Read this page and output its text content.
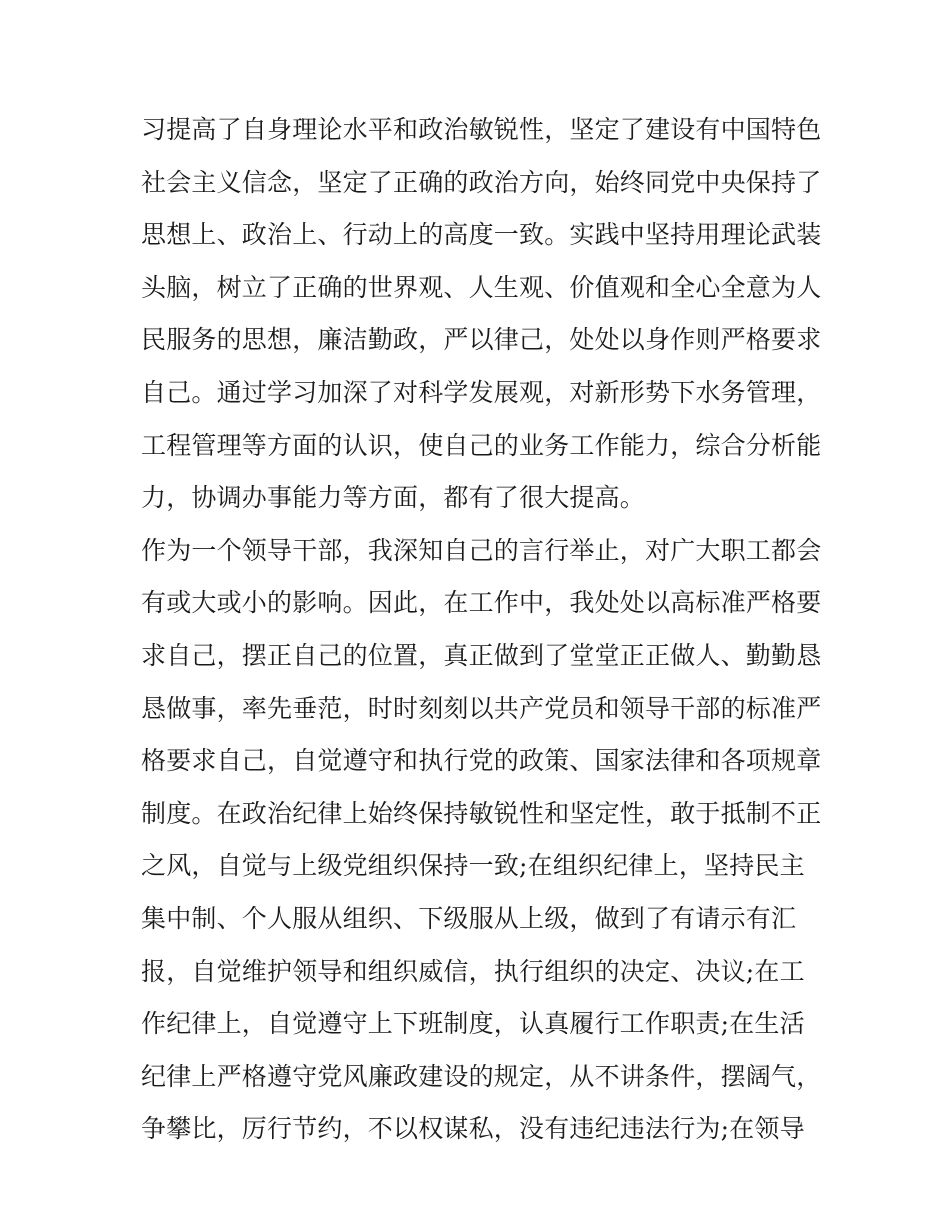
习提高了自身理论水平和政治敏锐性，坚定了建设有中国特色
社会主义信念，坚定了正确的政治方向，始终同党中央保持了
思想上、政治上、行动上的高度一致。实践中坚持用理论武装
头脑，树立了正确的世界观、人生观、价值观和全心全意为人
民服务的思想，廉洁勤政，严以律己，处处以身作则严格要求
自己。通过学习加深了对科学发展观，对新形势下水务管理，
工程管理等方面的认识，使自己的业务工作能力，综合分析能
力，协调办事能力等方面，都有了很大提高。
作为一个领导干部，我深知自己的言行举止，对广大职工都会
有或大或小的影响。因此，在工作中，我处处以高标准严格要
求自己，摆正自己的位置，真正做到了堂堂正正做人、勤勤恳
恳做事，率先垂范，时时刻刻以共产党员和领导干部的标准严
格要求自己，自觉遵守和执行党的政策、国家法律和各项规章
制度。在政治纪律上始终保持敏锐性和坚定性，敢于抵制不正
之风，自觉与上级党组织保持一致;在组织纪律上，坚持民主
集中制、个人服从组织、下级服从上级，做到了有请示有汇
报，自觉维护领导和组织威信，执行组织的决定、决议;在工
作纪律上，自觉遵守上下班制度，认真履行工作职责;在生活
纪律上严格遵守党风廉政建设的规定，从不讲条件，摆阔气，
争攀比，厉行节约，不以权谋私，没有违纪违法行为;在领导
